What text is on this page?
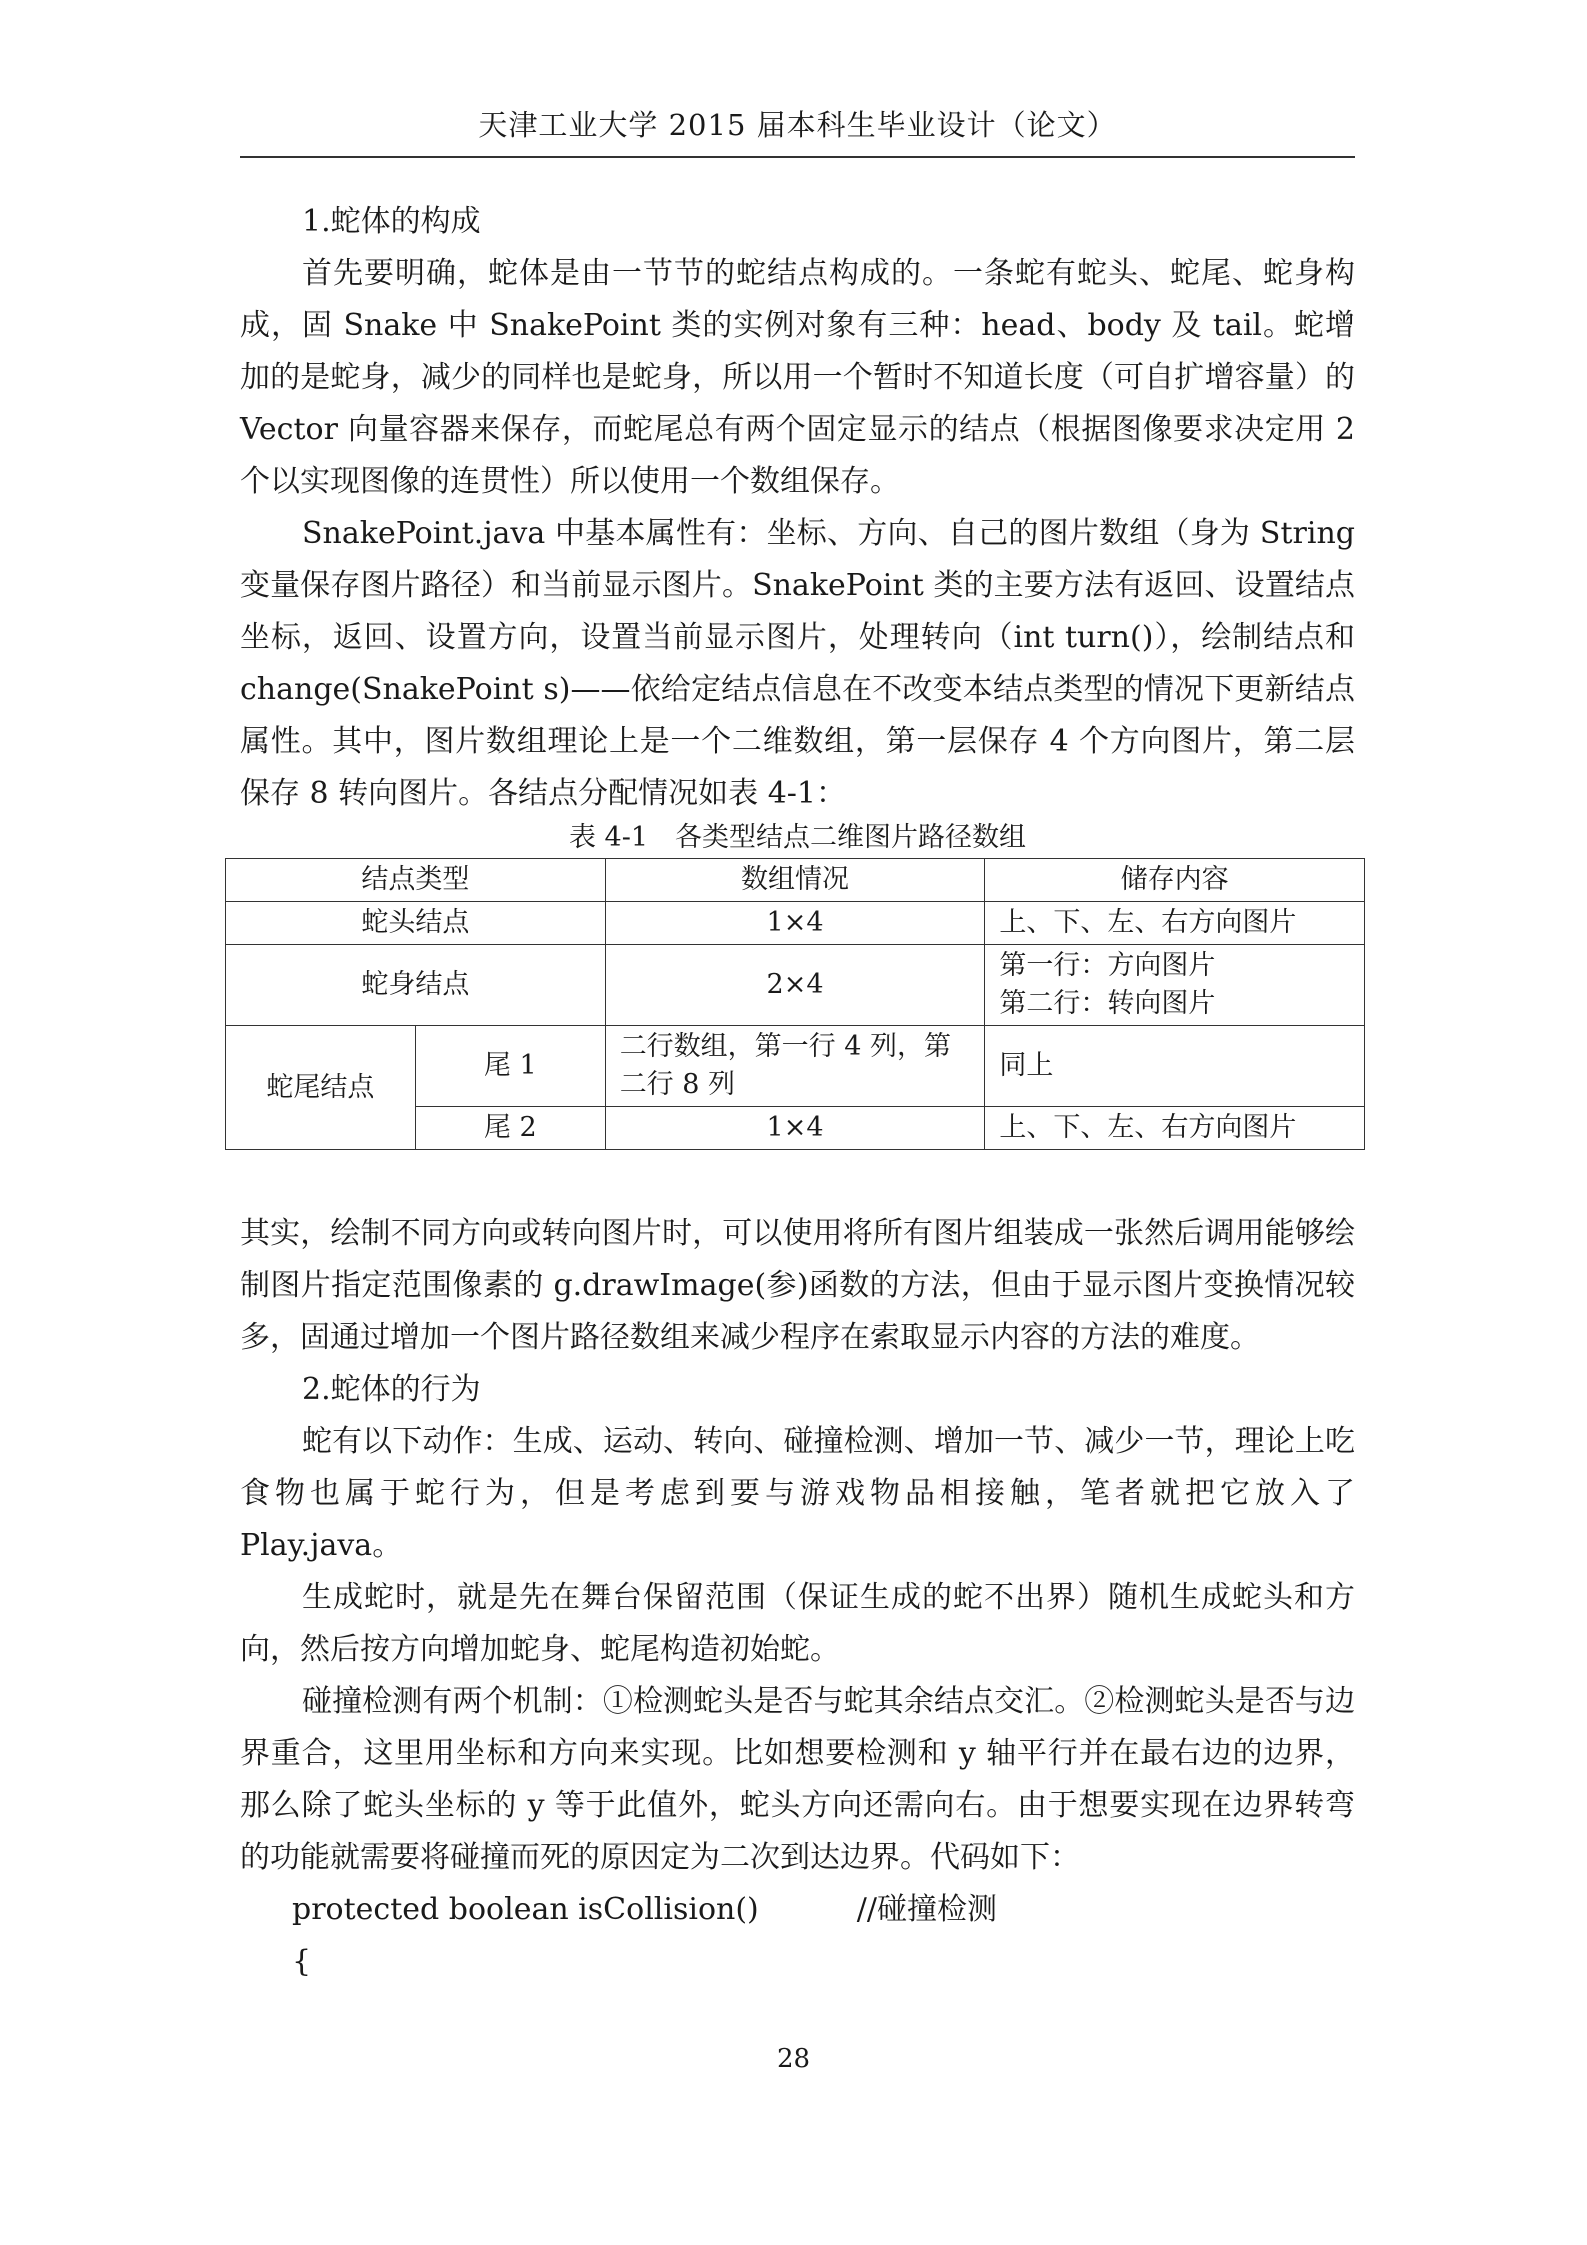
天津工业大学 2015 届本科生毕业设计（论文）

1.蛇体的构成

首先要明确，蛇体是由一节节的蛇结点构成的。一条蛇有蛇头、蛇尾、蛇身构成，固 Snake 中 SnakePoint 类的实例对象有三种：head、body 及 tail。蛇增加的是蛇身，减少的同样也是蛇身，所以用一个暂时不知道长度（可自扩增容量）的 Vector 向量容器来保存，而蛇尾总有两个固定显示的结点（根据图像要求决定用 2 个以实现图像的连贯性）所以使用一个数组保存。

SnakePoint.java 中基本属性有：坐标、方向、自己的图片数组（身为 String 变量保存图片路径）和当前显示图片。SnakePoint 类的主要方法有返回、设置结点坐标，返回、设置方向，设置当前显示图片，处理转向（int turn()），绘制结点和 change(SnakePoint s)——依给定结点信息在不改变本结点类型的情况下更新结点属性。其中，图片数组理论上是一个二维数组，第一层保存 4 个方向图片，第二层保存 8 转向图片。各结点分配情况如表 4-1：

表 4-1　各类型结点二维图片路径数组
结点类型		数组情况	储存内容
蛇头结点		1×4	上、下、左、右方向图片
蛇身结点		2×4	第一行：方向图片
第二行：转向图片

蛇尾结点	尾 1	二行数组，第一行 4 列，第二行 8 列	同上
	尾 2	1×4	上、下、左、右方向图片

其实，绘制不同方向或转向图片时，可以使用将所有图片组装成一张然后调用能够绘制图片指定范围像素的 g.drawImage(参)函数的方法，但由于显示图片变换情况较多，固通过增加一个图片路径数组来减少程序在索取显示内容的方法的难度。

2.蛇体的行为

蛇有以下动作：生成、运动、转向、碰撞检测、增加一节、减少一节，理论上吃食物也属于蛇行为，但是考虑到要与游戏物品相接触，笔者就把它放入了 Play.java。

生成蛇时，就是先在舞台保留范围（保证生成的蛇不出界）随机生成蛇头和方向，然后按方向增加蛇身、蛇尾构造初始蛇。

碰撞检测有两个机制：①检测蛇头是否与蛇其余结点交汇。②检测蛇头是否与边界重合，这里用坐标和方向来实现。比如想要检测和 y 轴平行并在最右边的边界，那么除了蛇头坐标的 y 等于此值外，蛇头方向还需向右。由于想要实现在边界转弯的功能就需要将碰撞而死的原因定为二次到达边界。代码如下：

protected boolean isCollision()	//碰撞检测

{

28
